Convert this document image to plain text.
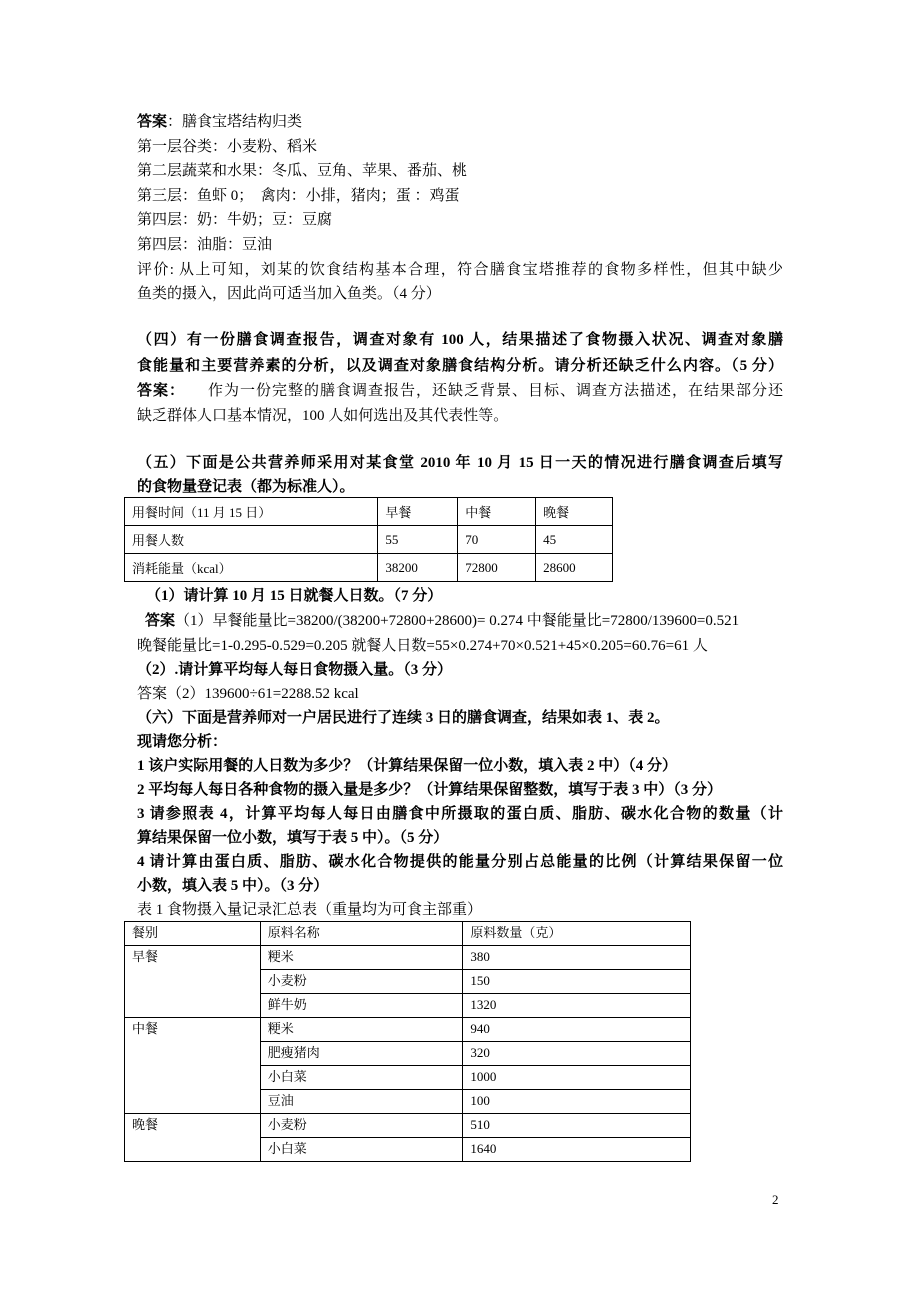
答案：膳食宝塔结构归类
第一层谷类：小麦粉、稻米
第二层蔬菜和水果：冬瓜、豆角、苹果、番茄、桃
第三层：鱼虾 0；　禽肉：小排，猪肉；蛋 ：鸡蛋
第四层：奶：牛奶；豆：豆腐
第四层：油脂：豆油
评价: 从上可知，刘某的饮食结构基本合理，符合膳食宝塔推荐的食物多样性，但其中缺少
鱼类的摄入，因此尚可适当加入鱼类。（4 分）
（四）有一份膳食调查报告，调查对象有 100 人，结果描述了食物摄入状况、调查对象膳
食能量和主要营养素的分析，以及调查对象膳食结构分析。请分析还缺乏什么内容。（5 分）
答案： 作为一份完整的膳食调查报告，还缺乏背景、目标、调查方法描述，在结果部分还
缺乏群体人口基本情况，100 人如何选出及其代表性等。
（五）下面是公共营养师采用对某食堂 2010 年 10 月 15 日一天的情况进行膳食调查后填写
的食物量登记表（都为标准人）。
用餐时间（11 月 15 日）	早餐	中餐	晚餐
用餐人数	55	70	45
消耗能量（kcal）	38200	72800	28600
（1）请计算 10 月 15 日就餐人日数。（7 分）
答案（1）早餐能量比=38200/(38200+72800+28600)= 0.274 中餐能量比=72800/139600=0.521
晚餐能量比=1-0.295-0.529=0.205 就餐人日数=55×0.274+70×0.521+45×0.205=60.76=61 人
（2）.请计算平均每人每日食物摄入量。（3 分）
答案（2）139600÷61=2288.52 kcal
（六）下面是营养师对一户居民进行了连续 3 日的膳食调查，结果如表 1、表 2。
现请您分析：
1 该户实际用餐的人日数为多少？（计算结果保留一位小数，填入表 2 中）（4 分）
2 平均每人每日各种食物的摄入量是多少？（计算结果保留整数，填写于表 3 中）（3 分）
3 请参照表 4，计算平均每人每日由膳食中所摄取的蛋白质、脂肪、碳水化合物的数量（计
算结果保留一位小数，填写于表 5 中）。（5 分）
4 请计算由蛋白质、脂肪、碳水化合物提供的能量分别占总能量的比例（计算结果保留一位
小数，填入表 5 中）。（3 分）
表 1 食物摄入量记录汇总表（重量均为可食主部重）
餐别	原料名称	原料数量（克）
早餐	粳米	380
	小麦粉	150
	鲜牛奶	1320
中餐	粳米	940
	肥瘦猪肉	320
	小白菜	1000
	豆油	100
晚餐	小麦粉	510
	小白菜	1640
2
